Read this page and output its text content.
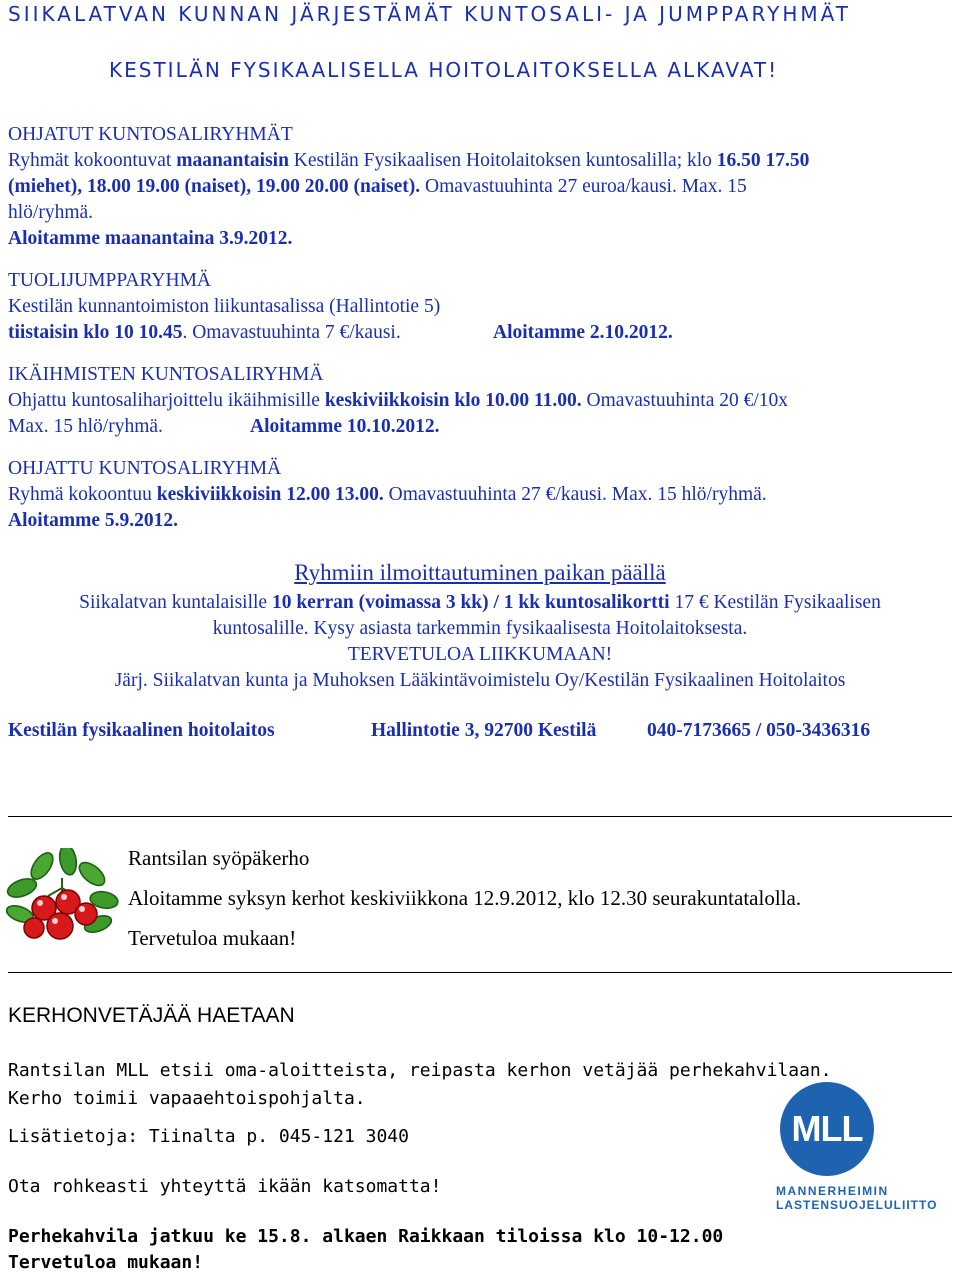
SIIKALATVAN KUNNAN JÄRJESTÄMÄT KUNTOSALI- JA JUMPPARYHMÄT
KESTILÄN FYSIKAALISELLA HOITOLAITOKSELLA ALKAVAT!
OHJATUT KUNTOSALIRYHMÄT
Ryhmät kokoontuvat maanantaisin Kestilän Fysikaalisen Hoitolaitoksen kuntosalilla; klo 16.50 17.50
(miehet), 18.00 19.00 (naiset), 19.00 20.00 (naiset). Omavastuuhinta 27 euroa/kausi. Max. 15
hlö/ryhmä.
Aloitamme maanantaina 3.9.2012.
TUOLIJUMPPARYHMÄ
Kestilän kunnantoimiston liikuntasalissa (Hallintotie 5)
tiistaisin klo 10 10.45. Omavastuuhinta 7 €/kausi.	Aloitamme 2.10.2012.
IKÄIHMISTEN KUNTOSALIRYHMÄ
Ohjattu kuntosaliharjoittelu ikäihmisille keskiviikkoisin klo 10.00 11.00. Omavastuuhinta 20 €/10x
Max. 15 hlö/ryhmä.	Aloitamme 10.10.2012.
OHJATTU KUNTOSALIRYHMÄ
Ryhmä kokoontuu keskiviikkoisin 12.00 13.00. Omavastuuhinta 27 €/kausi. Max. 15 hlö/ryhmä.
Aloitamme 5.9.2012.
Ryhmiin ilmoittautuminen paikan päällä
Siikalatvan kuntalaisille 10 kerran (voimassa 3 kk) / 1 kk kuntosalikortti 17 € Kestilän Fysikaalisen
kuntosalille. Kysy asiasta tarkemmin fysikaalisesta Hoitolaitoksesta.
TERVETULOA LIIKKUMAAN!
Järj. Siikalatvan kunta ja Muhoksen Lääkintävoimistelu Oy/Kestilän Fysikaalinen Hoitolaitos
Kestilän fysikaalinen hoitolaitos	Hallintotie 3, 92700 Kestilä	040-7173665 / 050-3436316
Rantsilan syöpäkerho
Aloitamme syksyn kerhot keskiviikkona 12.9.2012, klo 12.30 seurakuntatalolla.
Tervetuloa mukaan!
KERHONVETÄJÄÄ HAETAAN
Rantsilan MLL etsii oma-aloitteista, reipasta kerhon vetäjää perhekahvilaan.
Kerho toimii vapaaehtoispohjalta.
Lisätietoja: Tiinalta p. 045-121 3040
Ota rohkeasti yhteyttä ikään katsomatta!
Perhekahvila jatkuu ke 15.8. alkaen Raikkaan tiloissa klo 10-12.00
Tervetuloa mukaan!
MLL
MANNERHEIMIN
LASTENSUOJELULIITTO
